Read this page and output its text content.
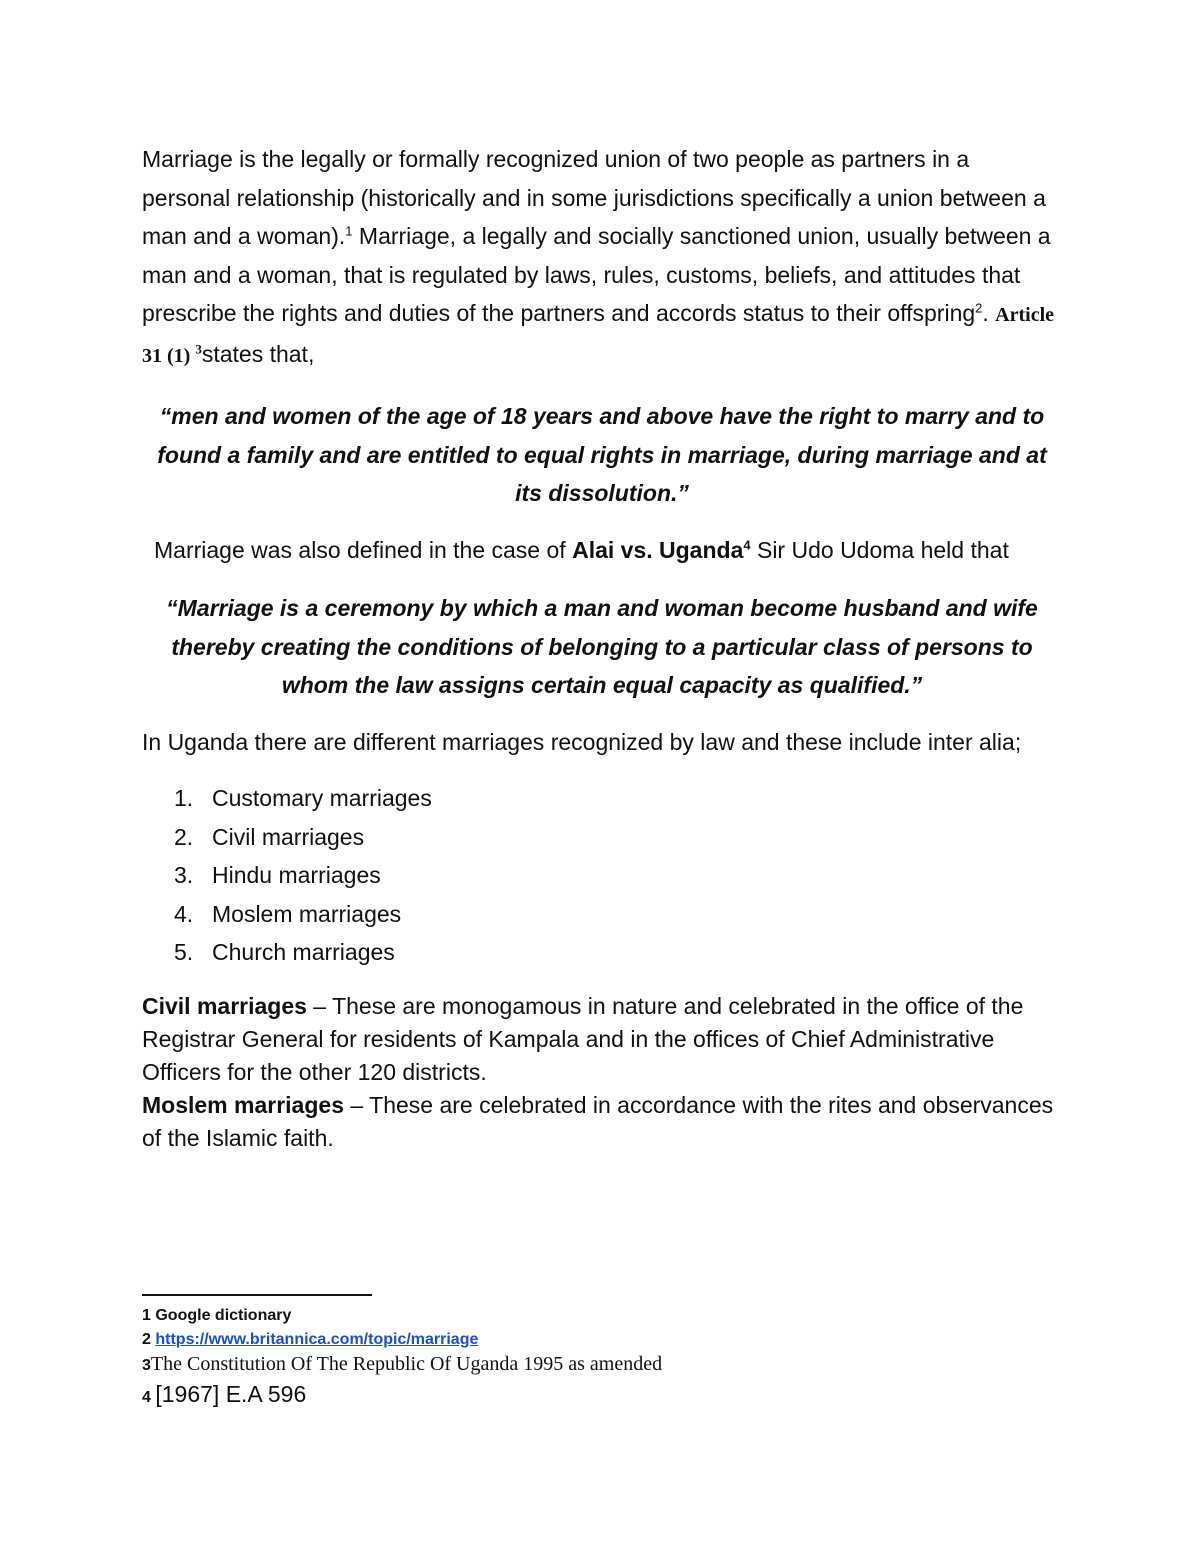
Marriage is the legally or formally recognized union of two people as partners in a personal relationship (historically and in some jurisdictions specifically a union between a man and a woman).$^1$ Marriage, a legally and socially sanctioned union, usually between a man and a woman, that is regulated by laws, rules, customs, beliefs, and attitudes that prescribe the rights and duties of the partners and accords status to their offspring$^2$. Article 31 (1) $^3$states that,

“men and women of the age of 18 years and above have the right to marry and to found a family and are entitled to equal rights in marriage, during marriage and at its dissolution.”

Marriage was also defined in the case of Alai vs. Uganda$^4$ Sir Udo Udoma held that

“Marriage is a ceremony by which a man and woman become husband and wife thereby creating the conditions of belonging to a particular class of persons to whom the law assigns certain equal capacity as qualified.”

In Uganda there are different marriages recognized by law and these include inter alia;

1. Customary marriages
2. Civil marriages
3. Hindu marriages
4. Moslem marriages
5. Church marriages

Civil marriages – These are monogamous in nature and celebrated in the office of the Registrar General for residents of Kampala and in the offices of Chief Administrative Officers for the other 120 districts.

Moslem marriages – These are celebrated in accordance with the rites and observances of the Islamic faith.

1 Google dictionary

2 https://www.britannica.com/topic/marriage

3The Constitution Of The Republic Of Uganda 1995 as amended

4 [1967] E.A 596
